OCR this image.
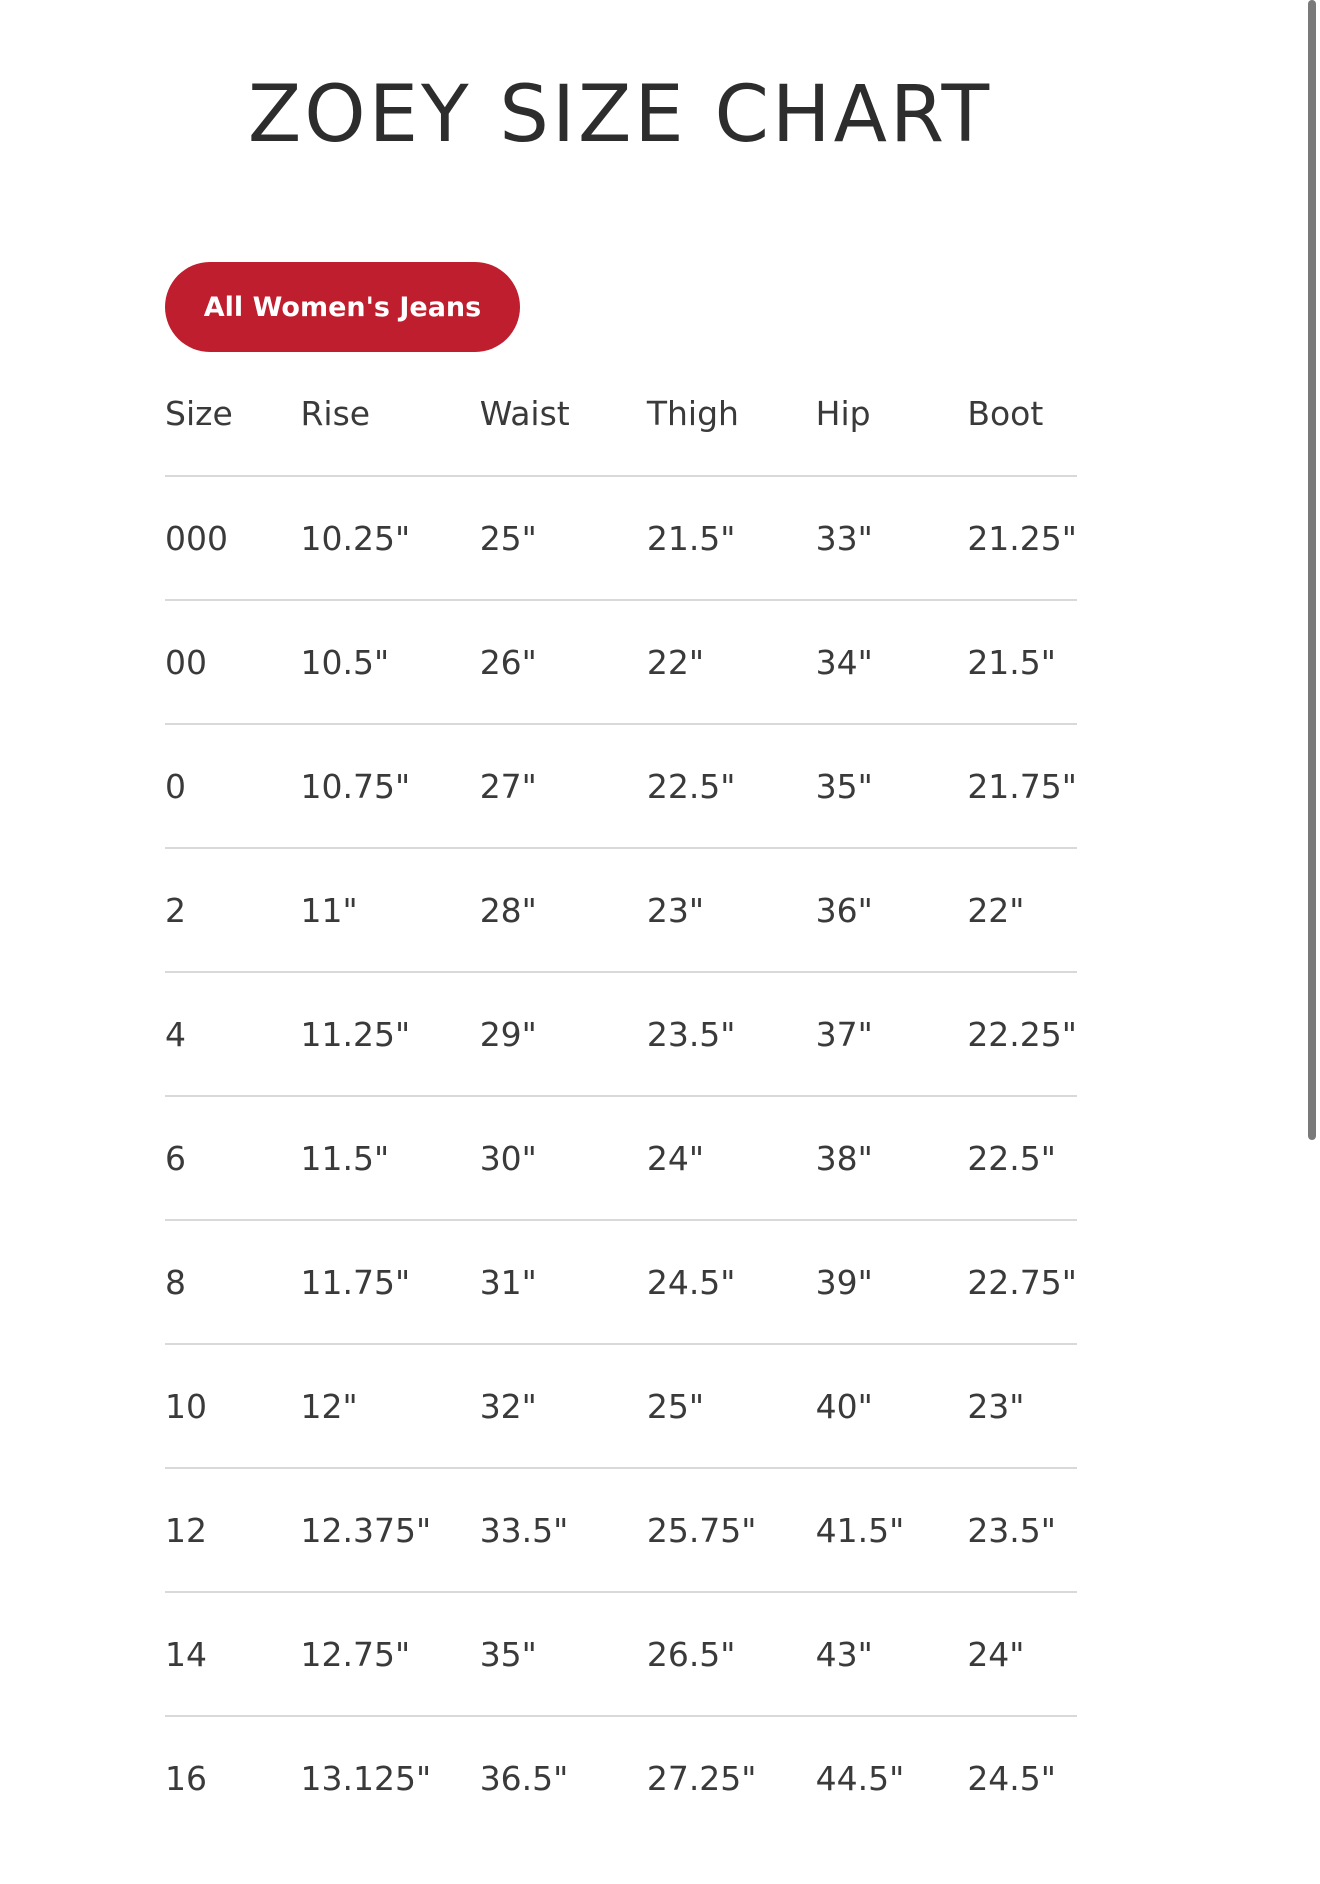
ZOEY SIZE CHART
All Women's Jeans
Size	Rise	Waist	Thigh	Hip	Boot
000	10.25"	25"	21.5"	33"	21.25"
00	10.5"	26"	22"	34"	21.5"
0	10.75"	27"	22.5"	35"	21.75"
2	11"	28"	23"	36"	22"
4	11.25"	29"	23.5"	37"	22.25"
6	11.5"	30"	24"	38"	22.5"
8	11.75"	31"	24.5"	39"	22.75"
10	12"	32"	25"	40"	23"
12	12.375"	33.5"	25.75"	41.5"	23.5"
14	12.75"	35"	26.5"	43"	24"
16	13.125"	36.5"	27.25"	44.5"	24.5"
